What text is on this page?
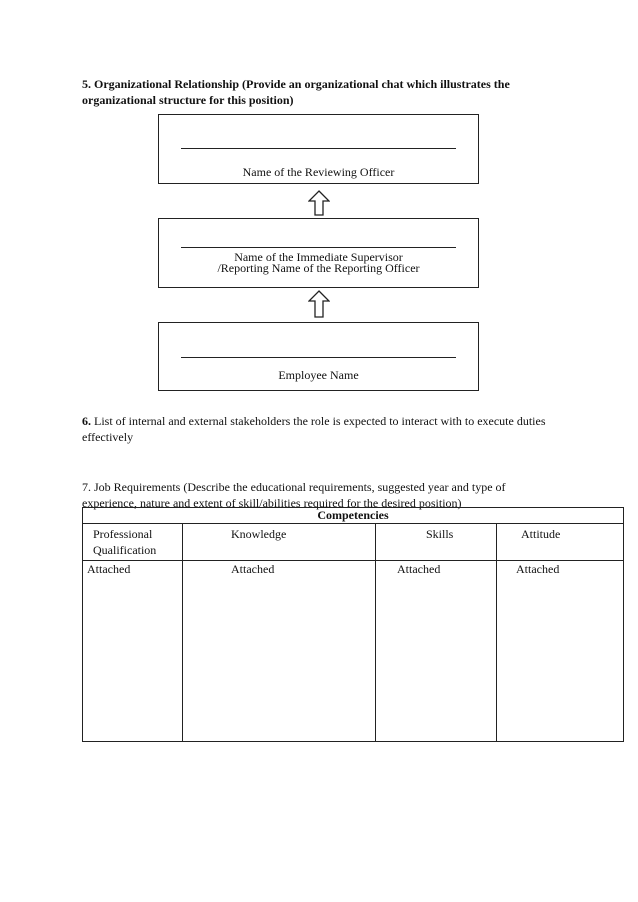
5. Organizational Relationship (Provide an organizational chat which illustrates the organizational structure for this position)
Name of the Reviewing Officer
Name of the Immediate Supervisor
/Reporting Name of the Reporting Officer
Employee Name
6. List of internal and external stakeholders the role is expected to interact with to execute duties effectively
7. Job Requirements (Describe the educational requirements, suggested year and type of experience, nature and extent of skill/abilities required for the desired position)
Competencies			

Professional Qualification	Knowledge	Skills	Attitude

Attached	Attached	Attached	Attached
